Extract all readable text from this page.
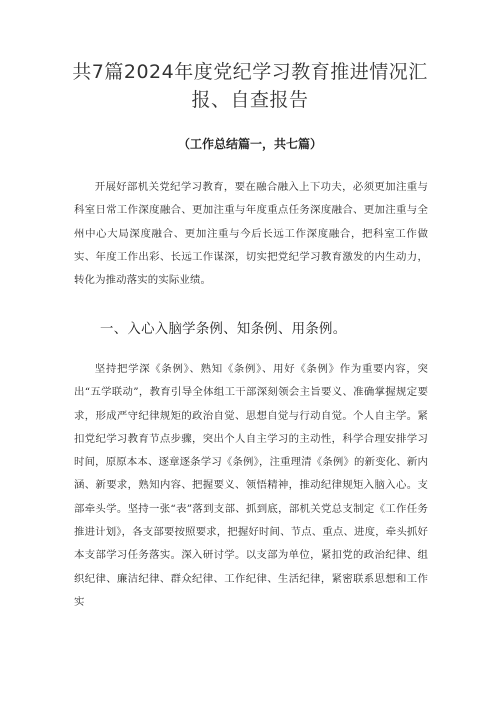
共7篇2024年度党纪学习教育推进情况汇报、自查报告
（工作总结篇一，共七篇）
开展好部机关党纪学习教育，要在融合融入上下功夫，必须更加注重与科室日常工作深度融合、更加注重与年度重点任务深度融合、更加注重与全州中心大局深度融合、更加注重与今后长远工作深度融合，把科室工作做实、年度工作出彩、长远工作谋深，切实把党纪学习教育激发的内生动力，转化为推动落实的实际业绩。
一、入心入脑学条例、知条例、用条例。
坚持把学深《条例》、熟知《条例》、用好《条例》作为重要内容，突出“五学联动”，教育引导全体组工干部深刻领会主旨要义、准确掌握规定要求，形成严守纪律规矩的政治自觉、思想自觉与行动自觉。个人自主学。紧扣党纪学习教育节点步骤，突出个人自主学习的主动性，科学合理安排学习时间，原原本本、逐章逐条学习《条例》，注重理清《条例》的新变化、新内涵、新要求，熟知内容、把握要义、领悟精神，推动纪律规矩入脑入心。支部牵头学。坚持一张“表”落到支部、抓到底，部机关党总支制定《工作任务推进计划》，各支部要按照要求，把握好时间、节点、重点、进度，牵头抓好本支部学习任务落实。深入研讨学。以支部为单位，紧扣党的政治纪律、组织纪律、廉洁纪律、群众纪律、工作纪律、生活纪律，紧密联系思想和工作实
